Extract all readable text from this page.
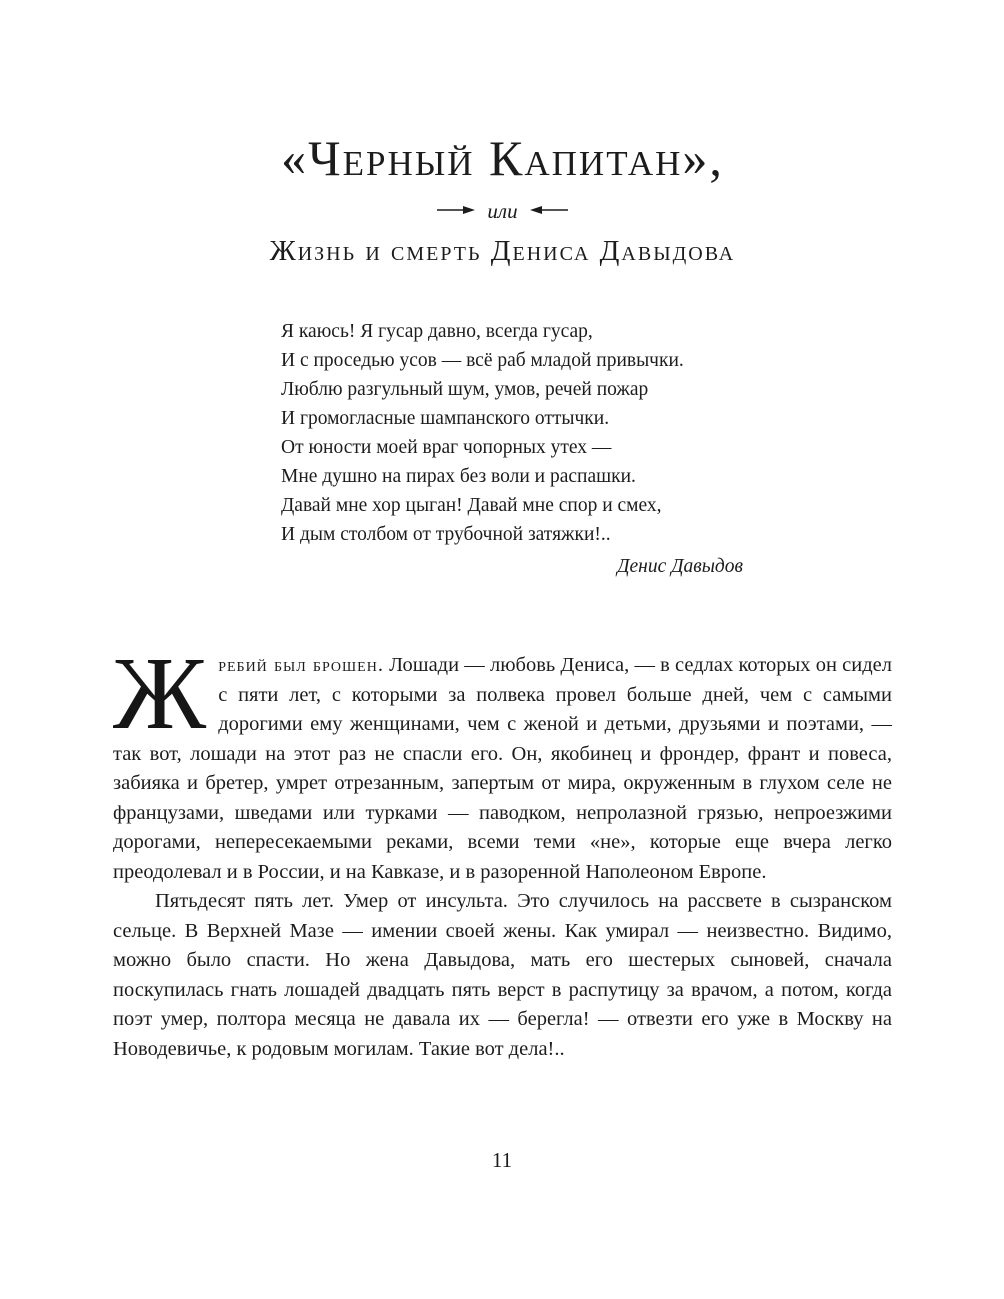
«Черный Капитан»,
или
Жизнь и смерть Дениса Давыдова
Я каюсь! Я гусар давно, всегда гусар,
И с проседью усов — всё раб младой привычки.
Люблю разгульный шум, умов, речей пожар
И громогласные шампанского оттычки.
От юности моей враг чопорных утех —
Мне душно на пирах без воли и распашки.
Давай мне хор цыган! Давай мне спор и смех,
И дым столбом от трубочной затяжки!..
Денис Давыдов

Жребий был брошен. Лошади — любовь Дениса, — в седлах которых он сидел с пяти лет, с которыми за полвека провел больше дней, чем с самыми дорогими ему женщинами, чем с женой и детьми, друзьями и поэтами, — так вот, лошади на этот раз не спасли его. Он, якобинец и фрондер, франт и повеса, забияка и бретер, умрет отрезанным, запертым от мира, окруженным в глухом селе не французами, шведами или турками — паводком, непролазной грязью, непроезжими дорогами, непересекаемыми реками, всеми теми «не», которые еще вчера легко преодолевал и в России, и на Кавказе, и в разоренной Наполеоном Европе.

Пятьдесят пять лет. Умер от инсульта. Это случилось на рассвете в сызранском сельце. В Верхней Мазе — имении своей жены. Как умирал — неизвестно. Видимо, можно было спасти. Но жена Давыдова, мать его шестерых сыновей, сначала поскупилась гнать лошадей двадцать пять верст в распутицу за врачом, а потом, когда поэт умер, полтора месяца не давала их — берегла! — отвезти его уже в Москву на Новодевичье, к родовым могилам. Такие вот дела!..

11
